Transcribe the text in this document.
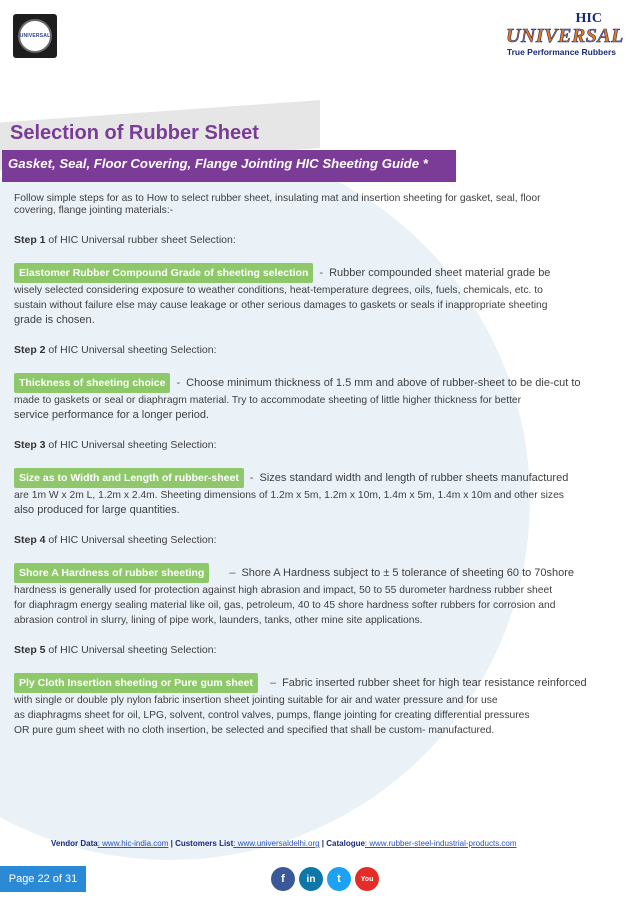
UNIVERSAL
HIC
UNIVERSAL
True Performance Rubbers
Selection of Rubber Sheet
Gasket, Seal, Floor Covering, Flange Jointing HIC Sheeting Guide *
Follow simple steps for as to How to select rubber sheet, insulating mat and insertion sheeting for gasket, seal, floor covering, flange jointing materials:-
Step 1 of HIC Universal rubber sheet Selection:
Elastomer Rubber Compound Grade of sheeting selection - Rubber compounded sheet material grade be
wisely selected considering exposure to weather conditions, heat-temperature degrees, oils, fuels, chemicals, etc. to
sustain without failure else may cause leakage or other serious damages to gaskets or seals if inappropriate sheeting
grade is chosen.
Step 2 of HIC Universal sheeting Selection:
Thickness of sheeting choice - Choose minimum thickness of 1.5 mm and above of rubber-sheet to be die-cut to
made to gaskets or seal or diaphragm material. Try to accommodate sheeting of little higher thickness for better
service performance for a longer period.
Step 3 of HIC Universal sheeting Selection:
Size as to Width and Length of rubber-sheet - Sizes standard width and length of rubber sheets manufactured
are 1m W x 2m L, 1.2m x 2.4m. Sheeting dimensions of 1.2m x 5m, 1.2m x 10m, 1.4m x 5m, 1.4m x 10m and other sizes
also produced for large quantities.
Step 4 of HIC Universal sheeting Selection:
Shore A Hardness of rubber sheeting – Shore A Hardness subject to ± 5 tolerance of sheeting 60 to 70shore
hardness is generally used for protection against high abrasion and impact, 50 to 55 durometer hardness rubber sheet
for diaphragm energy sealing material like oil, gas, petroleum, 40 to 45 shore hardness softer rubbers for corrosion and
abrasion control in slurry, lining of pipe work, launders, tanks, other mine site applications.
Step 5 of HIC Universal sheeting Selection:
Ply Cloth Insertion sheeting or Pure gum sheet – Fabric inserted rubber sheet for high tear resistance reinforced
with single or double ply nylon fabric insertion sheet jointing suitable for air and water pressure and for use
as diaphragms sheet for oil, LPG, solvent, control valves, pumps, flange jointing for creating differential pressures
OR pure gum sheet with no cloth insertion, be selected and specified that shall be custom- manufactured.
Vendor Data: www.hic-india.com | Customers List: www.universaldelhi.org | Catalogue: www.rubber-steel-industrial-products.com
Page 22 of 31	f in t	You
